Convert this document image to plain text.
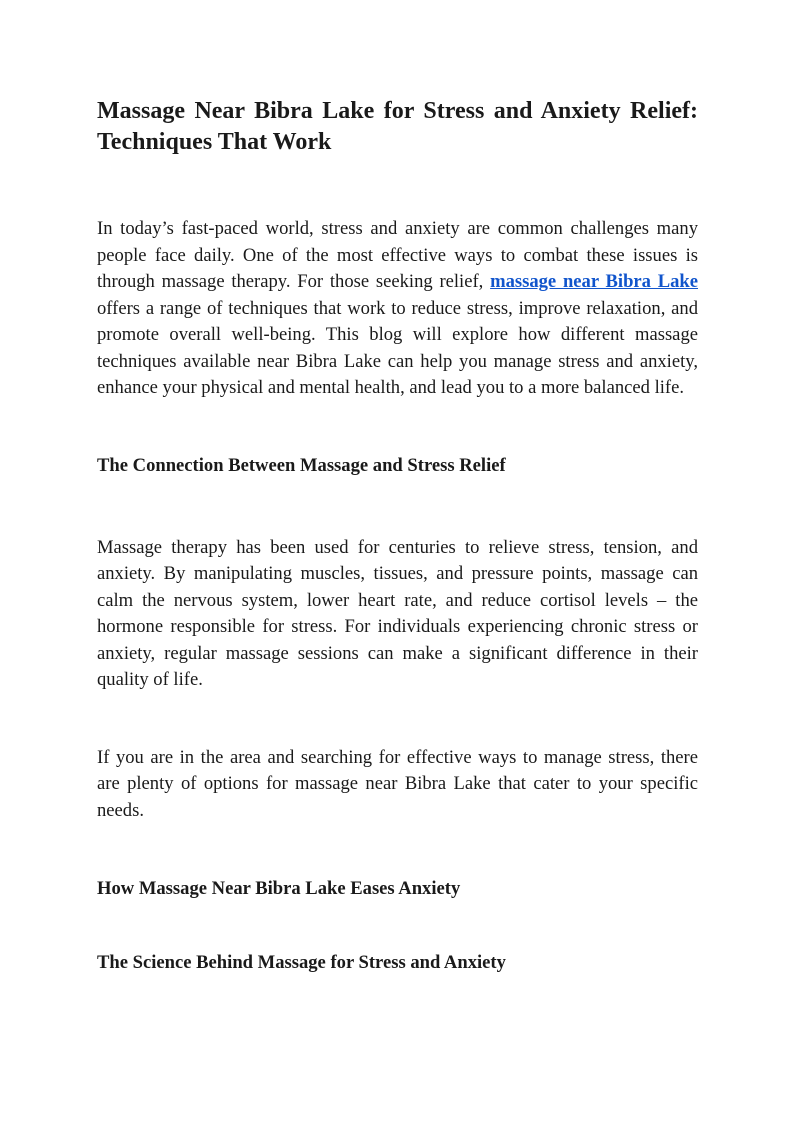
Massage Near Bibra Lake for Stress and Anxiety Relief: Techniques That Work

In today’s fast-paced world, stress and anxiety are common challenges many people face daily. One of the most effective ways to combat these issues is through massage therapy. For those seeking relief, massage near Bibra Lake offers a range of techniques that work to reduce stress, improve relaxation, and promote overall well-being. This blog will explore how different massage techniques available near Bibra Lake can help you manage stress and anxiety, enhance your physical and mental health, and lead you to a more balanced life.

The Connection Between Massage and Stress Relief

Massage therapy has been used for centuries to relieve stress, tension, and anxiety. By manipulating muscles, tissues, and pressure points, massage can calm the nervous system, lower heart rate, and reduce cortisol levels – the hormone responsible for stress. For individuals experiencing chronic stress or anxiety, regular massage sessions can make a significant difference in their quality of life.

If you are in the area and searching for effective ways to manage stress, there are plenty of options for massage near Bibra Lake that cater to your specific needs.

How Massage Near Bibra Lake Eases Anxiety
The Science Behind Massage for Stress and Anxiety
